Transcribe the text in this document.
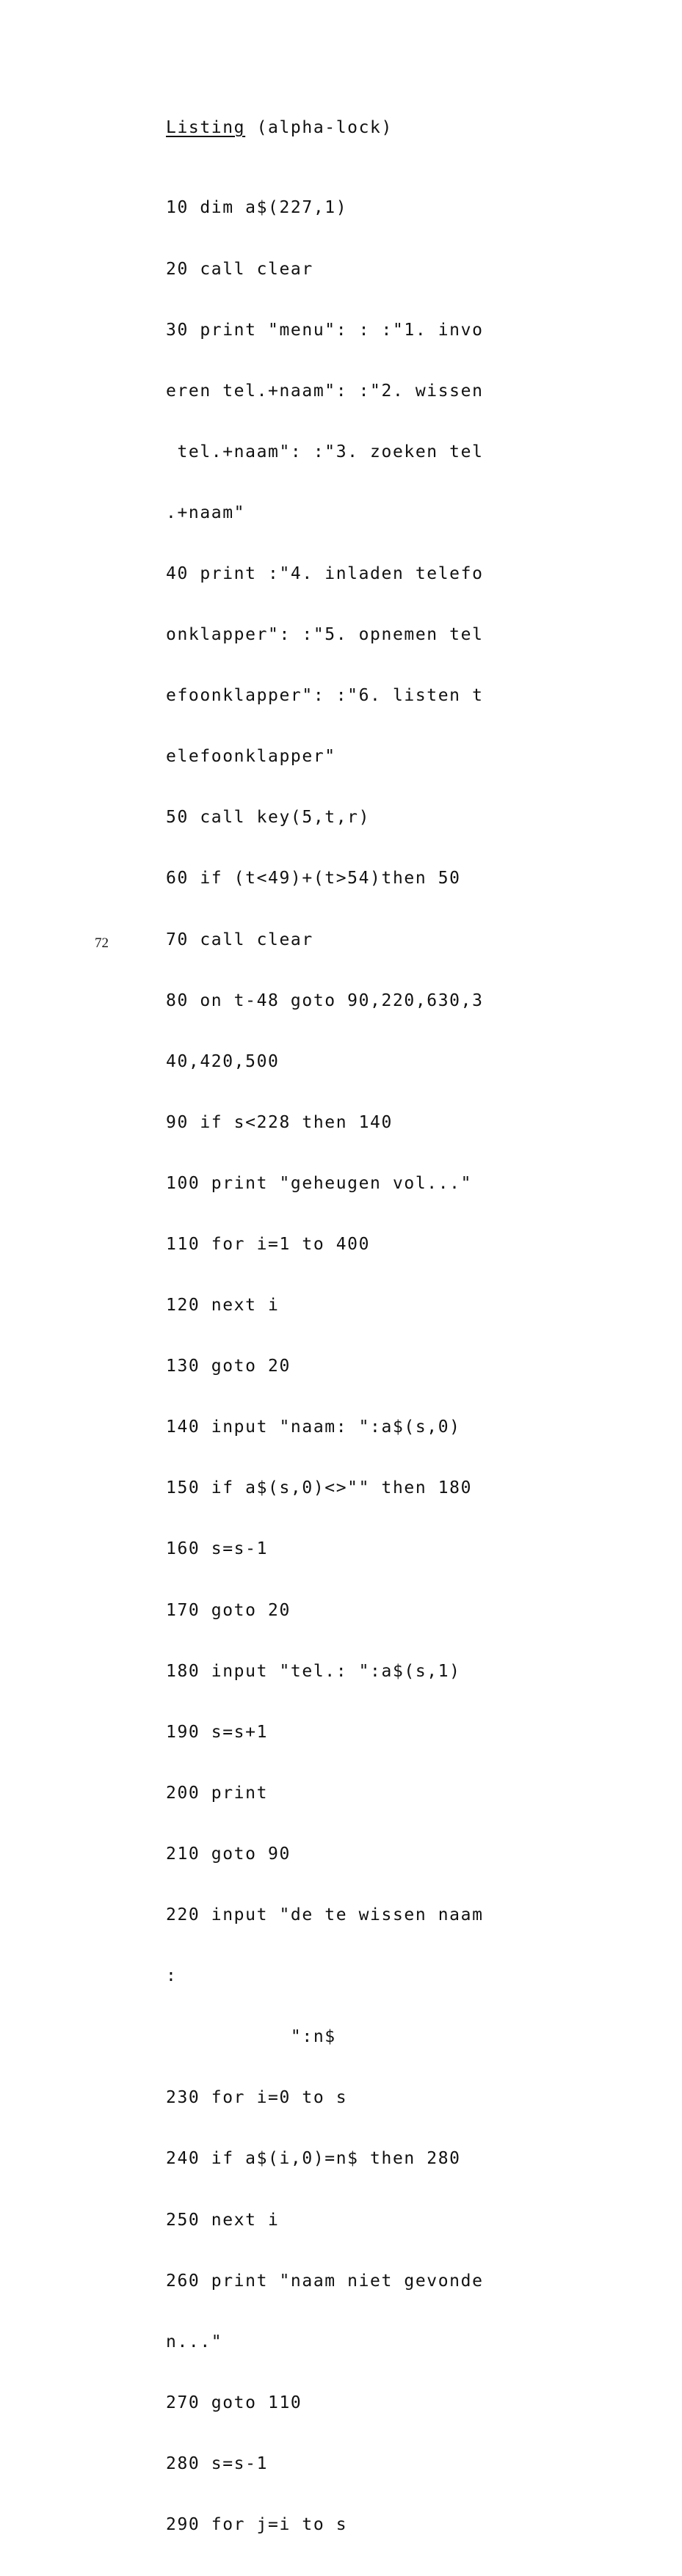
Listing (alpha-lock)

10 dim a$(227,1)

20 call clear

30 print "menu": : :"1. invo

eren tel.+naam": :"2. wissen

tel.+naam": :"3. zoeken tel

.+naam"

40 print :"4. inladen telefo

onklapper": :"5. opnemen tel

efoonklapper": :"6. listen t

elefoonklapper"

50 call key(5,t,r)

60 if (t<49)+(t>54)then 50

70 call clear

80 on t-48 goto 90,220,630,3

40,420,500

90 if s<228 then 140

100 print "geheugen vol..."

110 for i=1 to 400

120 next i

130 goto 20

140 input "naam: ":a$(s,0)

150 if a$(s,0)<>"" then 180

160 s=s-1

170 goto 20

180 input "tel.: ":a$(s,1)

190 s=s+1

200 print

210 goto 90

220 input "de te wissen naam

:

":n$

230 for i=0 to s

240 if a$(i,0)=n$ then 280

250 next i

260 print "naam niet gevonde

n..."

270 goto 110

280 s=s-1

290 for j=i to s

72
